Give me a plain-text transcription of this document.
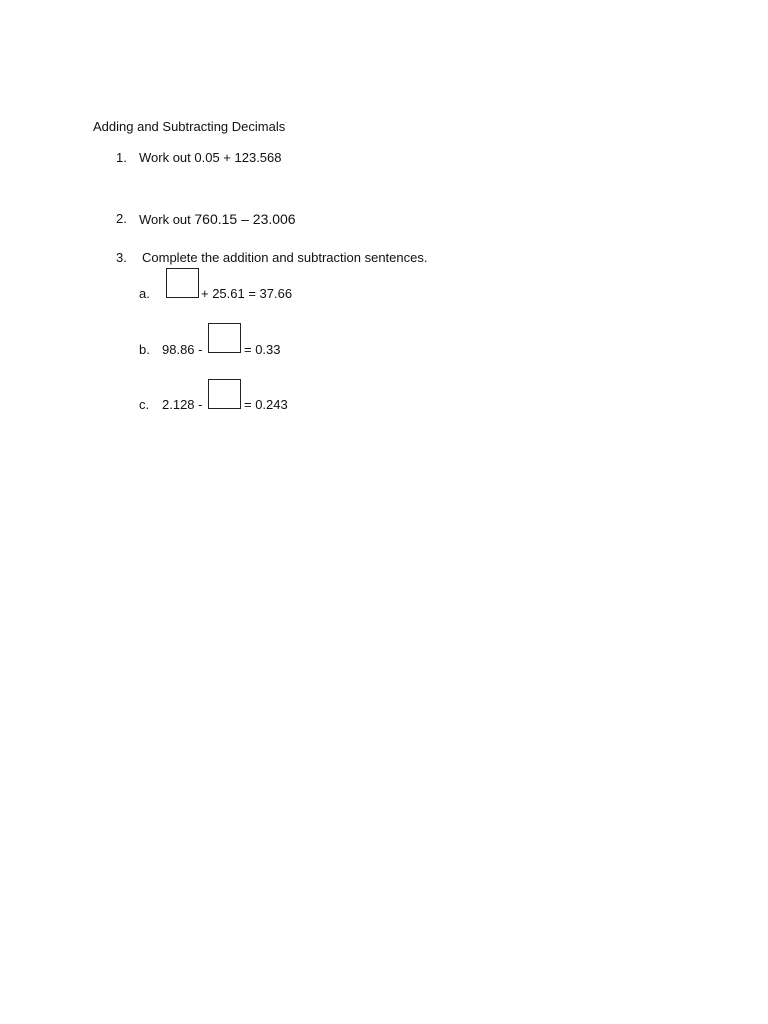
Adding and Subtracting Decimals
1. Work out 0.05 + 123.568
2. Work out 760.15 – 23.006
3. Complete the addition and subtraction sentences.
a.	+ 25.61 = 37.66
b. 98.86 -	= 0.33
c. 2.128 -	= 0.243
